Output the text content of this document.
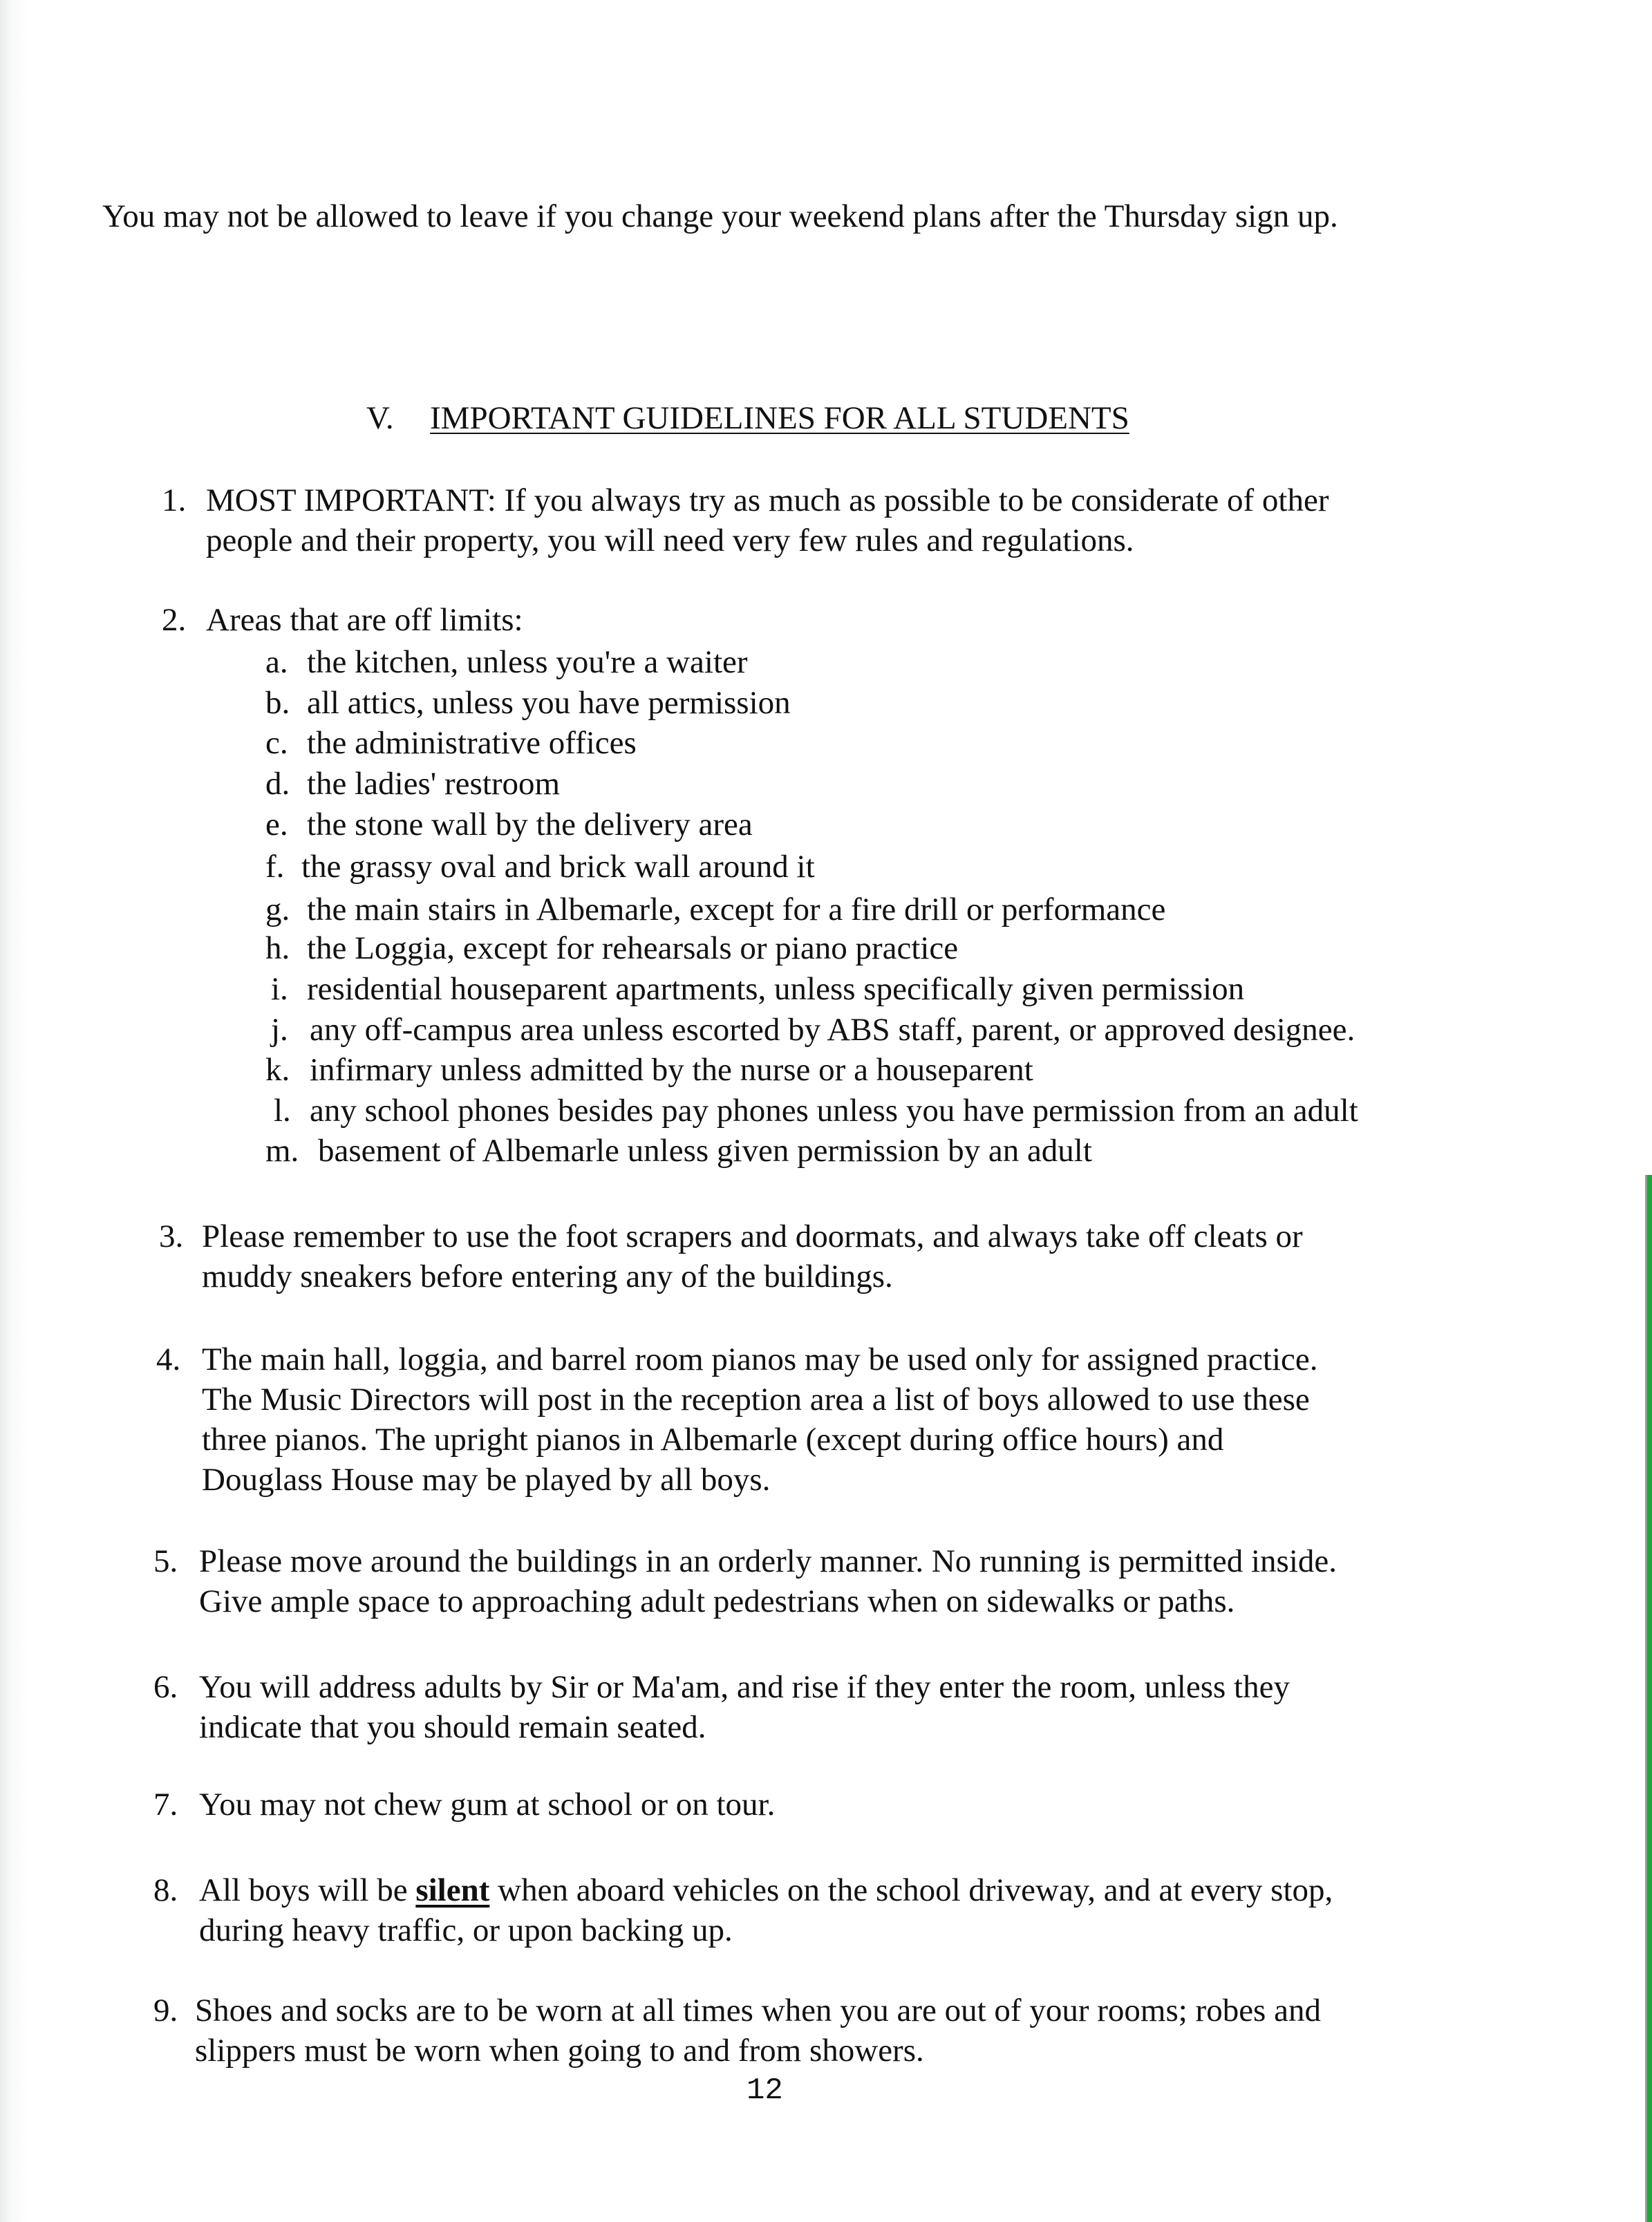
You may not be allowed to leave if you change your weekend plans after the Thursday sign up.
V. IMPORTANT GUIDELINES FOR ALL STUDENTS
1. MOST IMPORTANT: If you always try as much as possible to be considerate of other
people and their property, you will need very few rules and regulations.
2. Areas that are off limits:
a. the kitchen, unless you're a waiter
b. all attics, unless you have permission
c. the administrative offices
d. the ladies' restroom
e. the stone wall by the delivery area
f. the grassy oval and brick wall around it
g. the main stairs in Albemarle, except for a fire drill or performance
h. the Loggia, except for rehearsals or piano practice
i. residential houseparent apartments, unless specifically given permission
j. any off-campus area unless escorted by ABS staff, parent, or approved designee.
k. infirmary unless admitted by the nurse or a houseparent
l. any school phones besides pay phones unless you have permission from an adult
m. basement of Albemarle unless given permission by an adult
3. Please remember to use the foot scrapers and doormats, and always take off cleats or
muddy sneakers before entering any of the buildings.
4. The main hall, loggia, and barrel room pianos may be used only for assigned practice.
The Music Directors will post in the reception area a list of boys allowed to use these
three pianos. The upright pianos in Albemarle (except during office hours) and
Douglass House may be played by all boys.
5. Please move around the buildings in an orderly manner. No running is permitted inside.
Give ample space to approaching adult pedestrians when on sidewalks or paths.
6. You will address adults by Sir or Ma'am, and rise if they enter the room, unless they
indicate that you should remain seated.
7. You may not chew gum at school or on tour.
8. All boys will be silent when aboard vehicles on the school driveway, and at every stop,
during heavy traffic, or upon backing up.
9. Shoes and socks are to be worn at all times when you are out of your rooms; robes and
slippers must be worn when going to and from showers.
12
